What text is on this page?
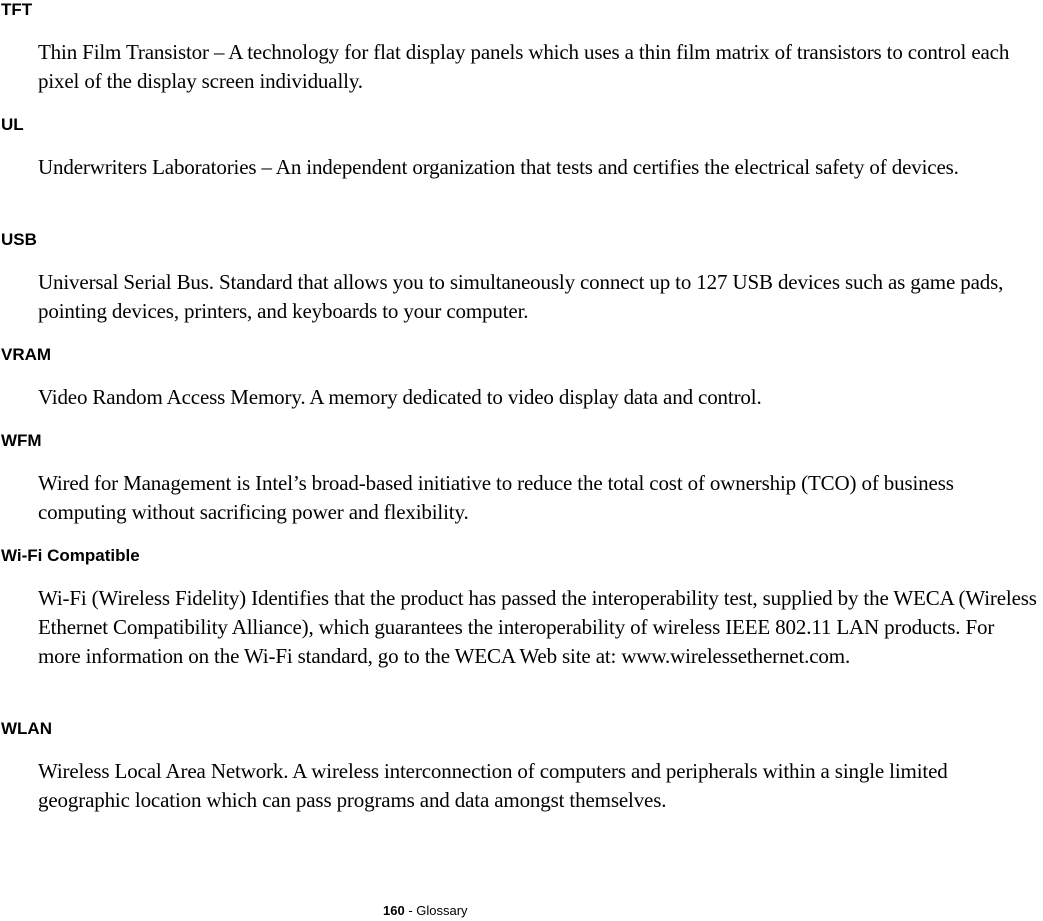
TFT

Thin Film Transistor – A technology for flat display panels which uses a thin film matrix of transistors to control each pixel of the display screen individually.

UL

Underwriters Laboratories – An independent organization that tests and certifies the electrical safety of devices.

USB

Universal Serial Bus. Standard that allows you to simultaneously connect up to 127 USB devices such as game pads, pointing devices, printers, and keyboards to your computer.

VRAM

Video Random Access Memory. A memory dedicated to video display data and control.

WFM

Wired for Management is Intel’s broad-based initiative to reduce the total cost of ownership (TCO) of business computing without sacrificing power and flexibility.

Wi-Fi Compatible

Wi-Fi (Wireless Fidelity) Identifies that the product has passed the interoperability test, supplied by the WECA (Wireless Ethernet Compatibility Alliance), which guarantees the interoperability of wireless IEEE 802.11 LAN products. For more information on the Wi-Fi standard, go to the WECA Web site at: www.wirelessethernet.com.

WLAN

Wireless Local Area Network. A wireless interconnection of computers and peripherals within a single limited geographic location which can pass programs and data amongst themselves.

160 - Glossary
